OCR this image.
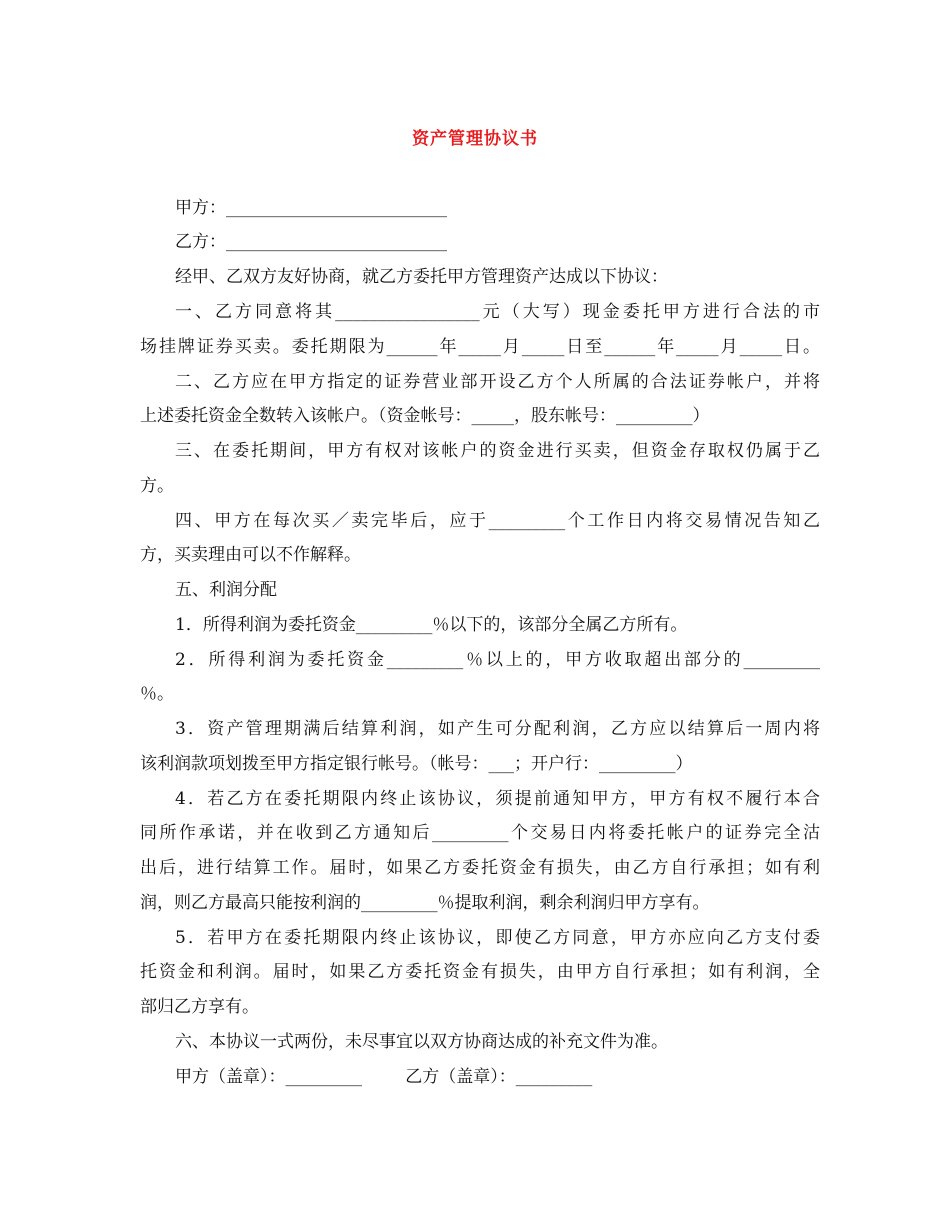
资产管理协议书
甲方：__________________________
乙方：__________________________
经甲、乙双方友好协商，就乙方委托甲方管理资产达成以下协议：
一、乙方同意将其_________________元（大写）现金委托甲方进行合法的市
场挂牌证券买卖。委托期限为______年_____月_____日至______年_____月_____日。
二、乙方应在甲方指定的证券营业部开设乙方个人所属的合法证券帐户，并将
上述委托资金全数转入该帐户。（资金帐号：_____，股东帐号：_________）
三、在委托期间，甲方有权对该帐户的资金进行买卖，但资金存取权仍属于乙
方。
四、甲方在每次买／卖完毕后，应于_________个工作日内将交易情况告知乙
方，买卖理由可以不作解释。
五、利润分配
1．所得利润为委托资金_________％以下的，该部分全属乙方所有。
2．所得利润为委托资金_________％以上的，甲方收取超出部分的_________
％。
3．资产管理期满后结算利润，如产生可分配利润，乙方应以结算后一周内将
该利润款项划拨至甲方指定银行帐号。（帐号：___；开户行：_________）
4．若乙方在委托期限内终止该协议，须提前通知甲方，甲方有权不履行本合
同所作承诺，并在收到乙方通知后_________个交易日内将委托帐户的证券完全沽
出后，进行结算工作。届时，如果乙方委托资金有损失，由乙方自行承担；如有利
润，则乙方最高只能按利润的_________％提取利润，剩余利润归甲方享有。
5．若甲方在委托期限内终止该协议，即使乙方同意，甲方亦应向乙方支付委
托资金和利润。届时，如果乙方委托资金有损失，由甲方自行承担；如有利润，全
部归乙方享有。
六、本协议一式两份，未尽事宜以双方协商达成的补充文件为准。
甲方（盖章）：_________        乙方（盖章）：_________
